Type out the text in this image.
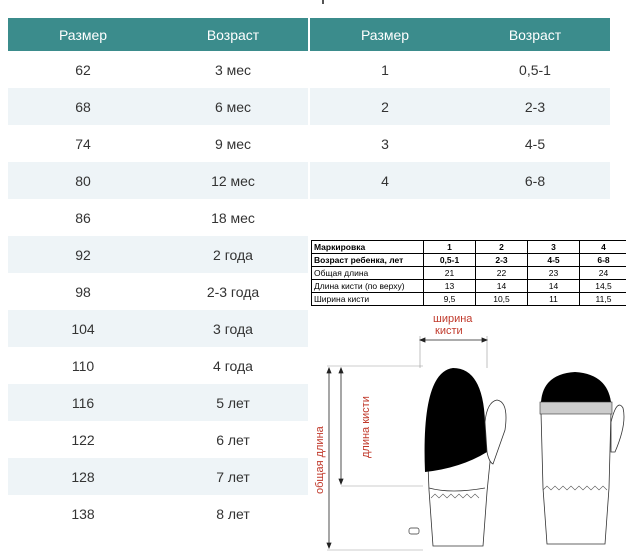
Размер	Возраст
62	3 мес
68	6 мес
74	9 мес
80	12 мес
86	18 мес
92	2 года
98	2-3 года
104	3 года
110	4 года
116	5 лет
122	6 лет
128	7 лет
138	8 лет
Размер	Возраст
1	0,5-1
2	2-3
3	4-5
4	6-8
Маркировка	1	2	3	4
Возраст ребенка, лет	0,5-1	2-3	4-5	6-8
Общая длина	21	22	23	24
Длина кисти (по верху)	13	14	14	14,5
Ширина кисти	9,5	10,5	11	11,5
ширина
кисти
длина кисти
общая длина
